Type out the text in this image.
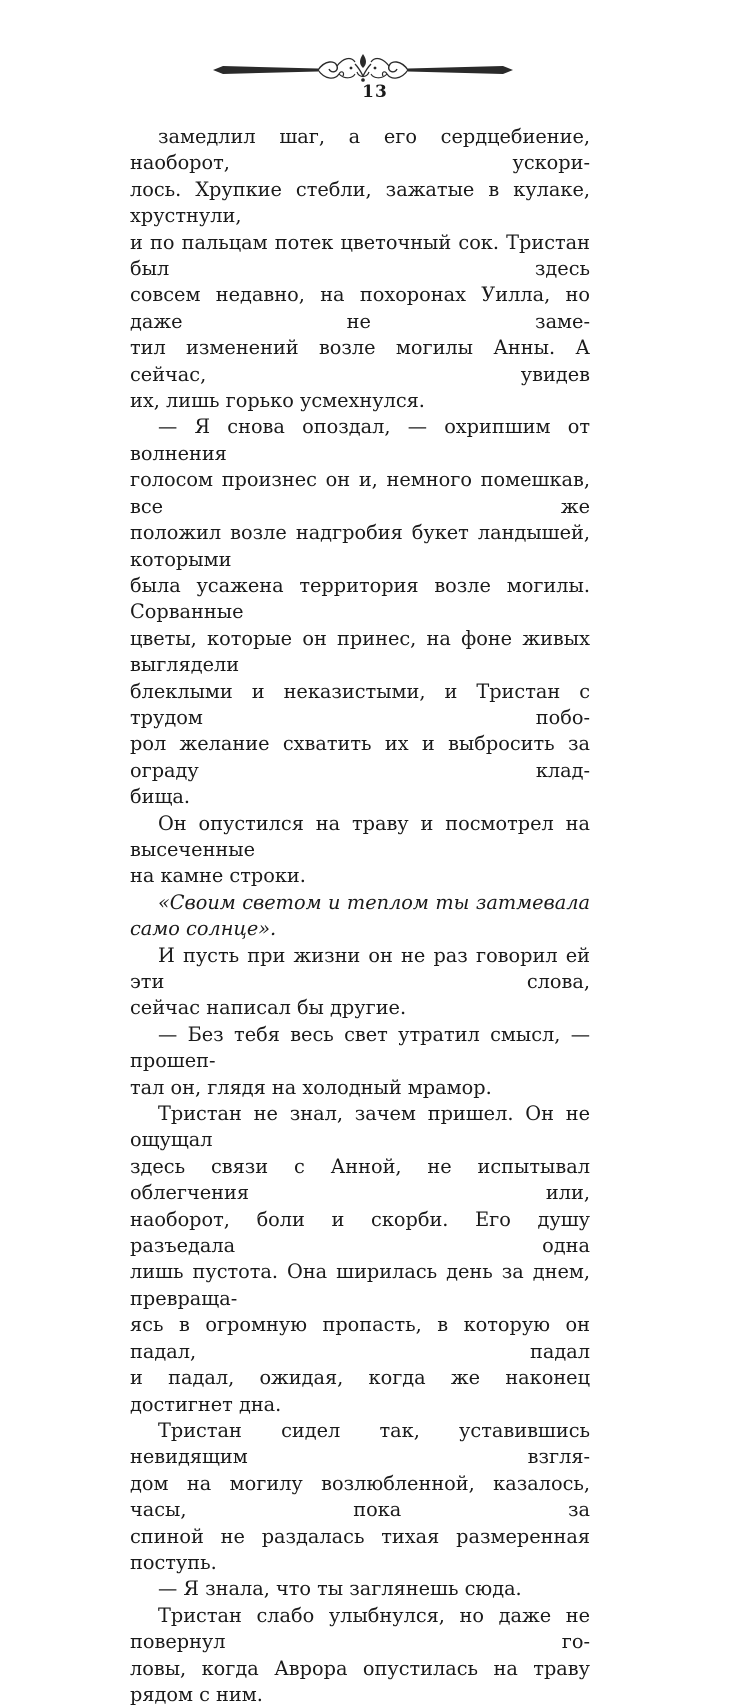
13

замедлил шаг, а его сердцебиение, наоборот, ускори-
лось. Хрупкие стебли, зажатые в кулаке, хрустнули,
и по пальцам потек цветочный сок. Тристан был здесь
совсем недавно, на похоронах Уилла, но даже не заме-
тил изменений возле могилы Анны. А сейчас, увидев
их, лишь горько усмехнулся.

— Я снова опоздал, — охрипшим от волнения
голосом произнес он и, немного помешкав, все же
положил возле надгробия букет ландышей, которыми
была усажена территория возле могилы. Сорванные
цветы, которые он принес, на фоне живых выглядели
блеклыми и неказистыми, и Тристан с трудом побо-
рол желание схватить их и выбросить за ограду клад-
бища.

Он опустился на траву и посмотрел на высеченные
на камне строки.

«Своим светом и теплом ты затмевала само солнце».

И пусть при жизни он не раз говорил ей эти слова,
сейчас написал бы другие.

— Без тебя весь свет утратил смысл, — прошеп-
тал он, глядя на холодный мрамор.

Тристан не знал, зачем пришел. Он не ощущал
здесь связи с Анной, не испытывал облегчения или,
наоборот, боли и скорби. Его душу разъедала одна
лишь пустота. Она ширилась день за днем, превраща-
ясь в огромную пропасть, в которую он падал, падал
и падал, ожидая, когда же наконец достигнет дна.

Тристан сидел так, уставившись невидящим взгля-
дом на могилу возлюбленной, казалось, часы, пока за
спиной не раздалась тихая размеренная поступь.

— Я знала, что ты заглянешь сюда.

Тристан слабо улыбнулся, но даже не повернул го-
ловы, когда Аврора опустилась на траву рядом с ним.
